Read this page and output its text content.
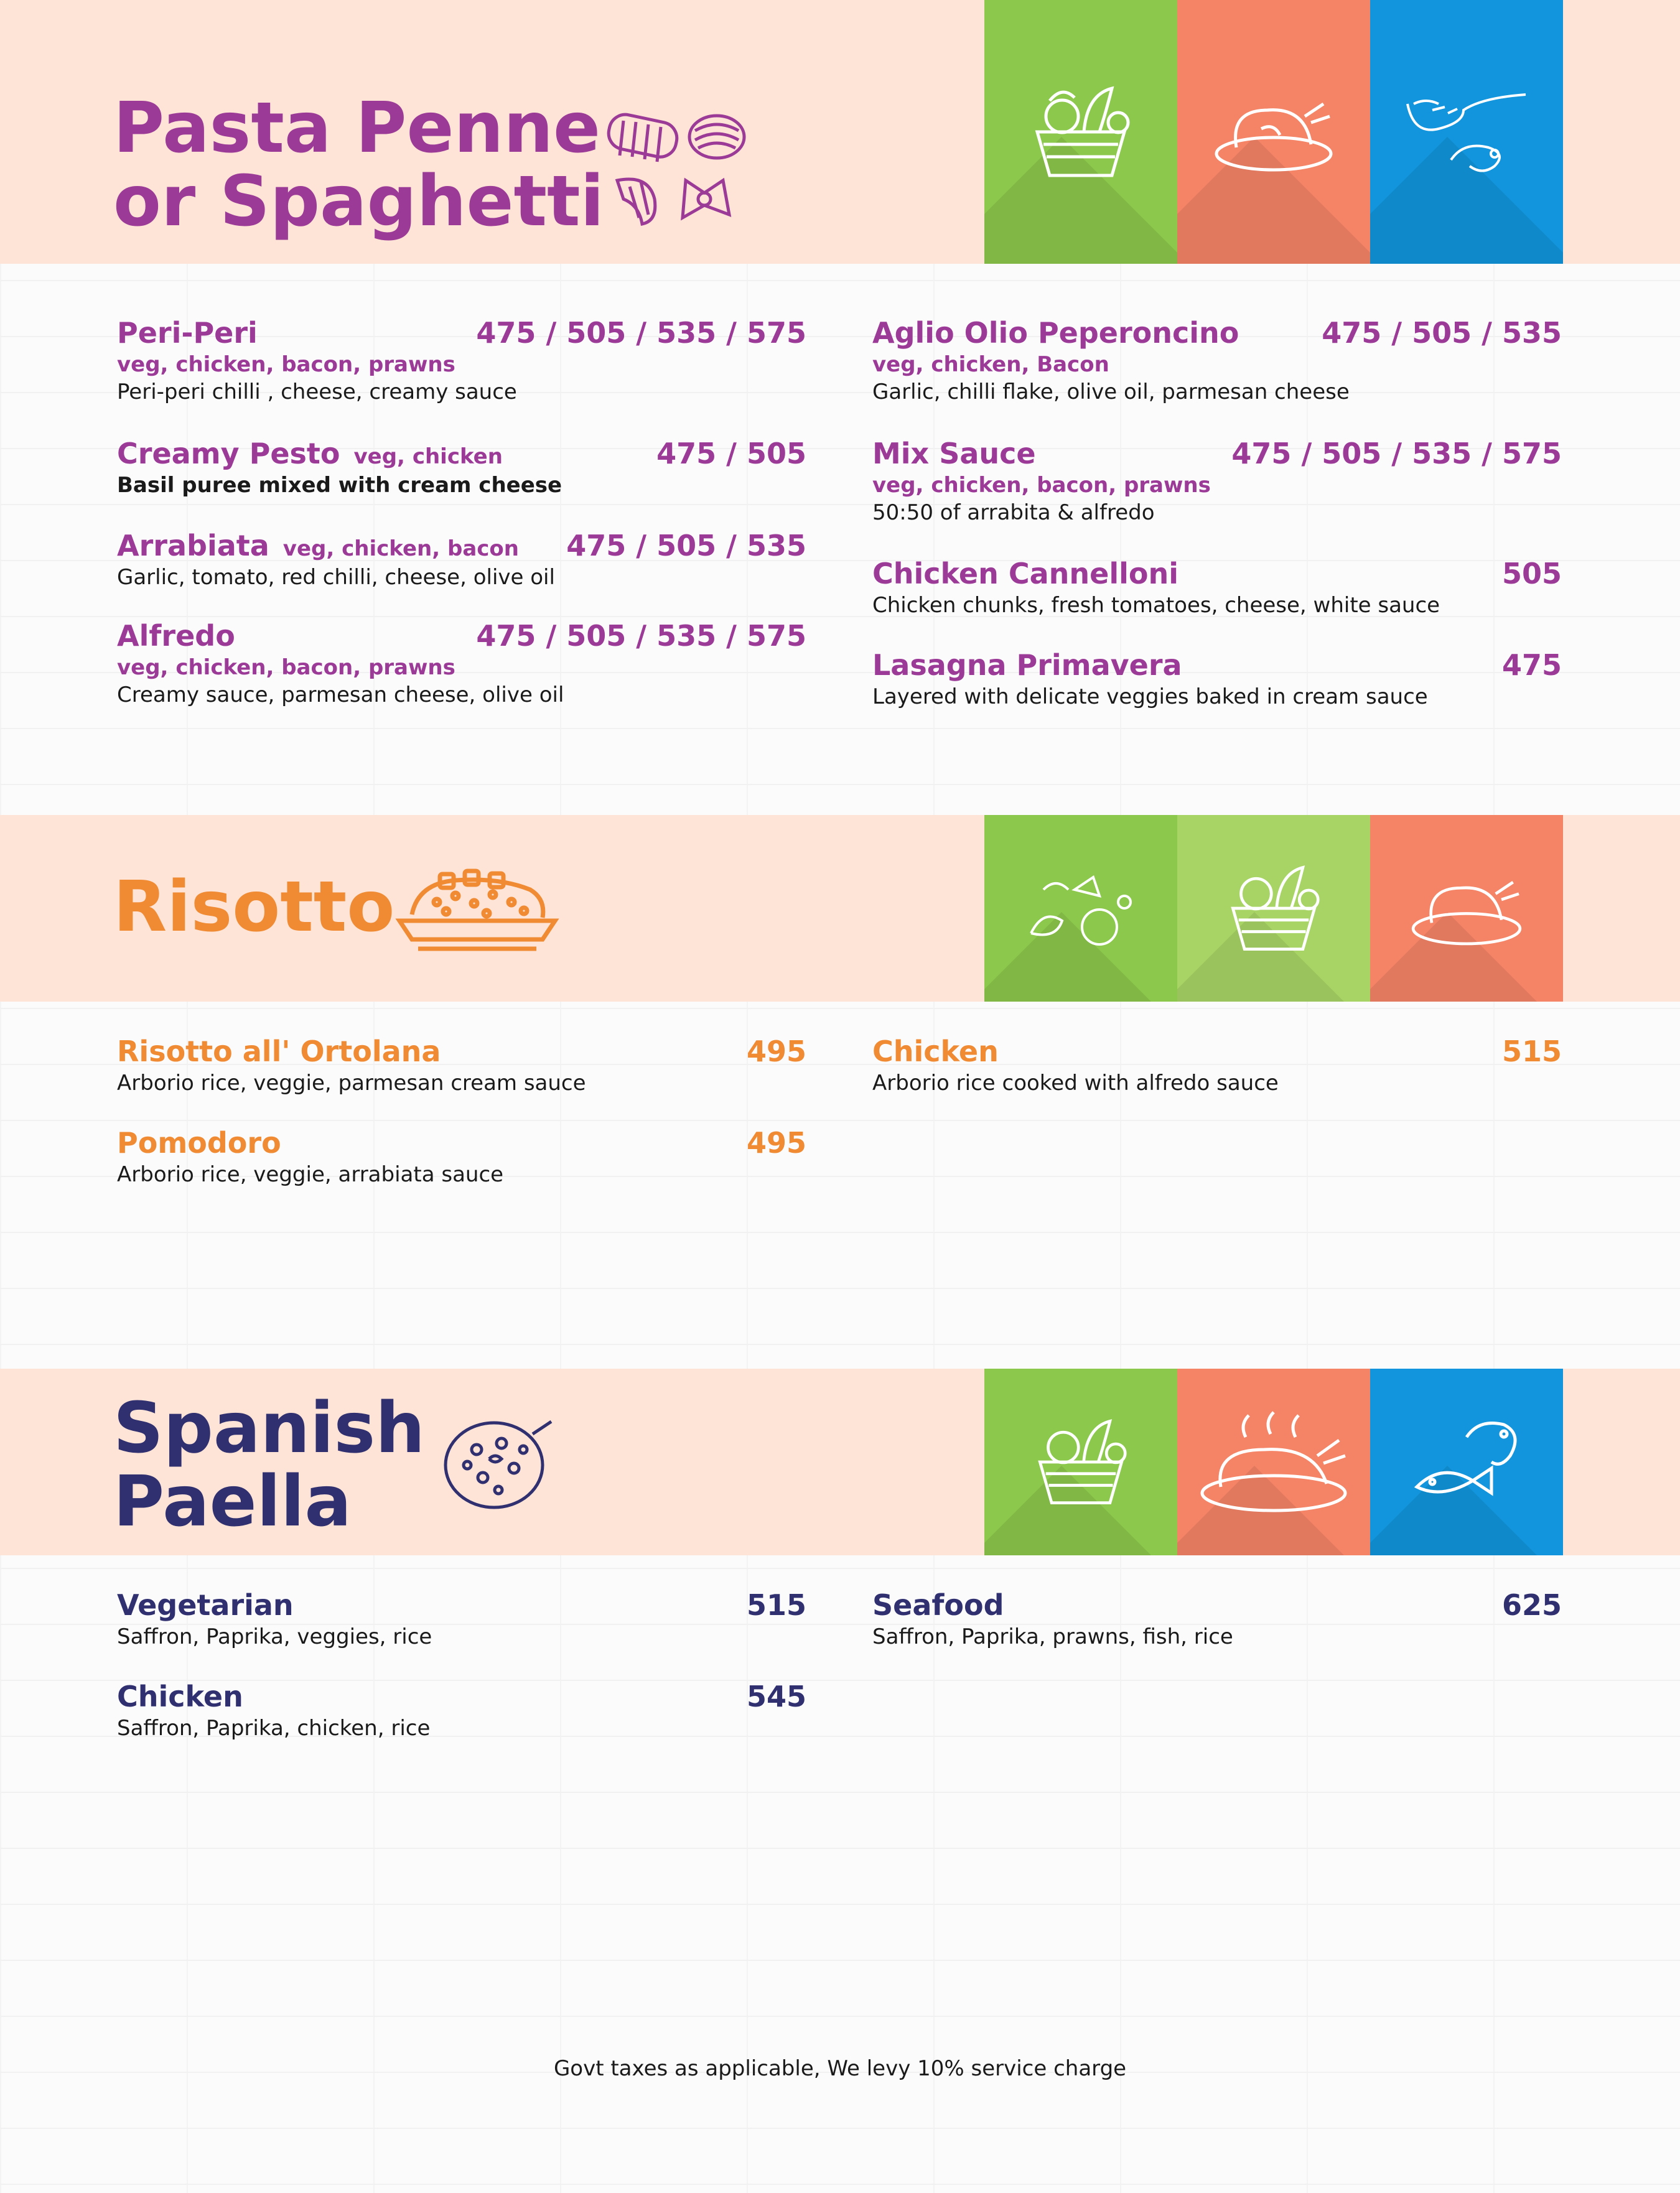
Pasta Penne
or Spaghetti
Peri-Peri	475 / 505 / 535 / 575
veg, chicken, bacon, prawns
Peri-peri chilli , cheese, creamy sauce
Creamy Pesto veg, chicken	475 / 505
Basil puree mixed with cream cheese
Arrabiata veg, chicken, bacon 475 / 505 / 535
Garlic, tomato, red chilli, cheese, olive oil
Alfredo	475 / 505 / 535 / 575
veg, chicken, bacon, prawns
Creamy sauce, parmesan cheese, olive oil
Aglio Olio Peperoncino	475 / 505 / 535
veg, chicken, Bacon
Garlic, chilli flake, olive oil, parmesan cheese
Mix Sauce	475 / 505 / 535 / 575
veg, chicken, bacon, prawns
50:50 of arrabita & alfredo
Chicken Cannelloni	505
Chicken chunks, fresh tomatoes, cheese, white sauce
Lasagna Primavera	475
Layered with delicate veggies baked in cream sauce
Risotto
Risotto all' Ortolana	495
Arborio rice, veggie, parmesan cream sauce
Pomodoro	495
Arborio rice, veggie, arrabiata sauce
Chicken	515
Arborio rice cooked with alfredo sauce
Spanish
Paella
Vegetarian	515
Saffron, Paprika, veggies, rice
Chicken	545
Saffron, Paprika, chicken, rice
Seafood	625
Saffron, Paprika, prawns, fish, rice
Govt taxes as applicable, We levy 10% service charge
